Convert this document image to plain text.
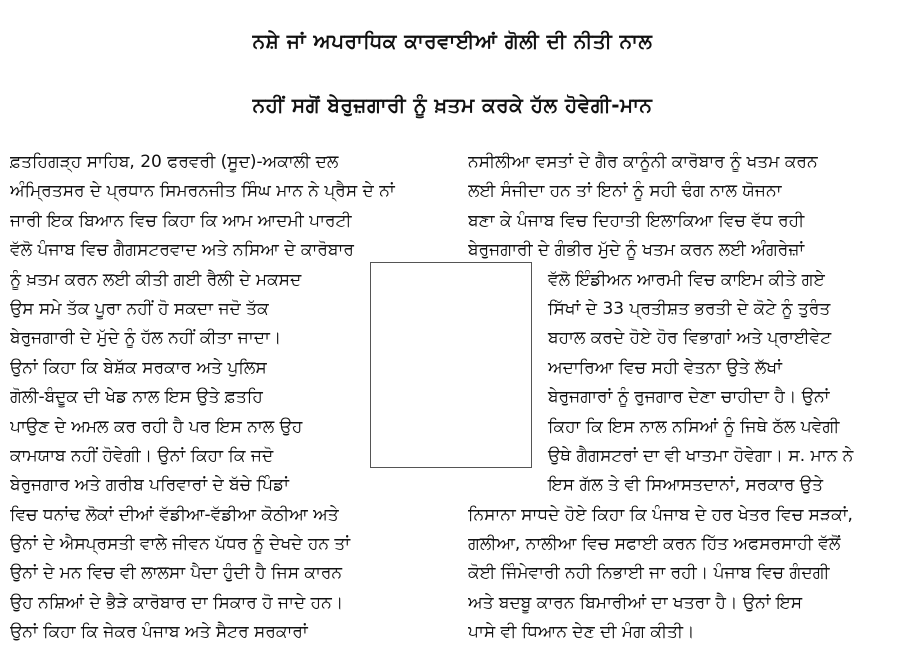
ਨਸ਼ੇ ਜਾਂ ਅਪਰਾਧਿਕ ਕਾਰਵਾਈਆਂ ਗੋਲੀ ਦੀ ਨੀਤੀ ਨਾਲ
ਨਹੀਂ ਸਗੋਂ ਬੇਰੁਜ਼ਗਾਰੀ ਨੂੰ ਖ਼ਤਮ ਕਰਕੇ ਹੱਲ ਹੋਵੇਗੀ-ਮਾਨ
ਫ਼ਤਹਿਗੜ੍ਹ ਸਾਹਿਬ, 20 ਫਰਵਰੀ (ਸੂਦ)-ਅਕਾਲੀ ਦਲ
ਅੰਮ੍ਰਿਤਸਰ ਦੇ ਪ੍ਰਧਾਨ ਸਿਮਰਨਜੀਤ ਸਿੰਘ ਮਾਨ ਨੇ ਪ੍ਰੈਸ ਦੇ ਨਾਂ
ਜਾਰੀ ਇਕ ਬਿਆਨ ਵਿਚ ਕਿਹਾ ਕਿ ਆਮ ਆਦਮੀ ਪਾਰਟੀ
ਵੱਲੋ ਪੰਜਾਬ ਵਿਚ ਗੈਗਸਟਰਵਾਦ ਅਤੇ ਨਸਿਆ ਦੇ ਕਾਰੋਬਾਰ
ਨੂੰ ਖ਼ਤਮ ਕਰਨ ਲਈ ਕੀਤੀ ਗਈ ਰੈਲੀ ਦੇ ਮਕਸਦ
ਉਸ ਸਮੇ ਤੱਕ ਪੂਰਾ ਨਹੀਂ ਹੋ ਸਕਦਾ ਜਦੋ ਤੱਕ
ਬੇਰੁਜਗਾਰੀ ਦੇ ਮੁੱਦੇ ਨੂੰ ਹੱਲ ਨਹੀਂ ਕੀਤਾ ਜਾਦਾ।
ਉਨਾਂ ਕਿਹਾ ਕਿ ਬੇਸ਼ੱਕ ਸਰਕਾਰ ਅਤੇ ਪੁਲਿਸ
ਗੋਲੀ-ਬੰਦੂਕ ਦੀ ਖੇਡ ਨਾਲ ਇਸ ਉਤੇ ਫ਼ਤਹਿ
ਪਾਉਣ ਦੇ ਅਮਲ ਕਰ ਰਹੀ ਹੈ ਪਰ ਇਸ ਨਾਲ ਉਹ
ਕਾਮਯਾਬ ਨਹੀਂ ਹੋਵੇਗੀ। ਉਨਾਂ ਕਿਹਾ ਕਿ ਜਦੋ
ਬੇਰੁਜਗਾਰ ਅਤੇ ਗਰੀਬ ਪਰਿਵਾਰਾਂ ਦੇ ਬੱਚੇ ਪਿੰਡਾਂ
ਵਿਚ ਧਨਾਂਢ ਲੋਕਾਂ ਦੀਆਂ ਵੱਡੀਆ-ਵੱਡੀਆ ਕੋਠੀਆ ਅਤੇ
ਉਨਾਂ ਦੇ ਐਸਪ੍ਰਸਤੀ ਵਾਲੇ ਜੀਵਨ ਪੱਧਰ ਨੂੰ ਦੇਖਦੇ ਹਨ ਤਾਂ
ਉਨਾਂ ਦੇ ਮਨ ਵਿਚ ਵੀ ਲਾਲਸਾ ਪੈਦਾ ਹੁੰਦੀ ਹੈ ਜਿਸ ਕਾਰਨ
ਉਹ ਨਸ਼ਿਆਂ ਦੇ ਭੈੜੇ ਕਾਰੋਬਾਰ ਦਾ ਸਿਕਾਰ ਹੋ ਜਾਦੇ ਹਨ।
ਉਨਾਂ ਕਿਹਾ ਕਿ ਜੇਕਰ ਪੰਜਾਬ ਅਤੇ ਸੈਟਰ ਸਰਕਾਰਾਂ
ਨਸੀਲੀਆ ਵਸਤਾਂ ਦੇ ਗੈਰ ਕਾਨੂੰਨੀ ਕਾਰੋਬਾਰ ਨੂੰ ਖਤਮ ਕਰਨ
ਲਈ ਸੰਜੀਦਾ ਹਨ ਤਾਂ ਇਨਾਂ ਨੂੰ ਸਹੀ ਢੰਗ ਨਾਲ ਯੋਜਨਾ
ਬਣਾ ਕੇ ਪੰਜਾਬ ਵਿਚ ਦਿਹਾਤੀ ਇਲਾਕਿਆ ਵਿਚ ਵੱਧ ਰਹੀ
ਬੇਰੁਜਗਾਰੀ ਦੇ ਗੰਭੀਰ ਮੁੱਦੇ ਨੂੰ ਖਤਮ ਕਰਨ ਲਈ ਅੰਗਰੇਜ਼ਾਂ
ਵੱਲੋ ਇੰਡੀਅਨ ਆਰਮੀ ਵਿਚ ਕਾਇਮ ਕੀਤੇ ਗਏ
ਸਿੱਖਾਂ ਦੇ 33 ਪ੍ਰਤੀਸ਼ਤ ਭਰਤੀ ਦੇ ਕੋਟੇ ਨੂੰ ਤੁਰੰਤ
ਬਹਾਲ ਕਰਦੇ ਹੋਏ ਹੋਰ ਵਿਭਾਗਾਂ ਅਤੇ ਪ੍ਰਾਈਵੇਟ
ਅਦਾਰਿਆ ਵਿਚ ਸਹੀ ਵੇਤਨਾ ਉਤੇ ਲੱਖਾਂ
ਬੇਰੁਜਗਾਰਾਂ ਨੂੰ ਰੁਜਗਾਰ ਦੇਣਾ ਚਾਹੀਦਾ ਹੈ। ਉਨਾਂ
ਕਿਹਾ ਕਿ ਇਸ ਨਾਲ ਨਸਿਆਂ ਨੂੰ ਜਿਥੇ ਠੱਲ ਪਵੇਗੀ
ਉਥੇ ਗੈਗਸਟਰਾਂ ਦਾ ਵੀ ਖਾਤਮਾ ਹੋਵੇਗਾ। ਸ. ਮਾਨ ਨੇ
ਇਸ ਗੱਲ ਤੇ ਵੀ ਸਿਆਸਤਦਾਨਾਂ, ਸਰਕਾਰ ਉਤੇ
ਨਿਸਾਨਾ ਸਾਧਦੇ ਹੋਏ ਕਿਹਾ ਕਿ ਪੰਜਾਬ ਦੇ ਹਰ ਖੇਤਰ ਵਿਚ ਸੜਕਾਂ,
ਗਲੀਆ, ਨਾਲੀਆ ਵਿਚ ਸਫਾਈ ਕਰਨ ਹਿੱਤ ਅਫਸਰਸਾਹੀ ਵੱਲੋਂ
ਕੋਈ ਜਿੰਮੇਵਾਰੀ ਨਹੀ ਨਿਭਾਈ ਜਾ ਰਹੀ। ਪੰਜਾਬ ਵਿਚ ਗੰਦਗੀ
ਅਤੇ ਬਦਬੂ ਕਾਰਨ ਬਿਮਾਰੀਆਂ ਦਾ ਖਤਰਾ ਹੈ। ਉਨਾਂ ਇਸ
ਪਾਸੇ ਵੀ ਧਿਆਨ ਦੇਣ ਦੀ ਮੰਗ ਕੀਤੀ।
